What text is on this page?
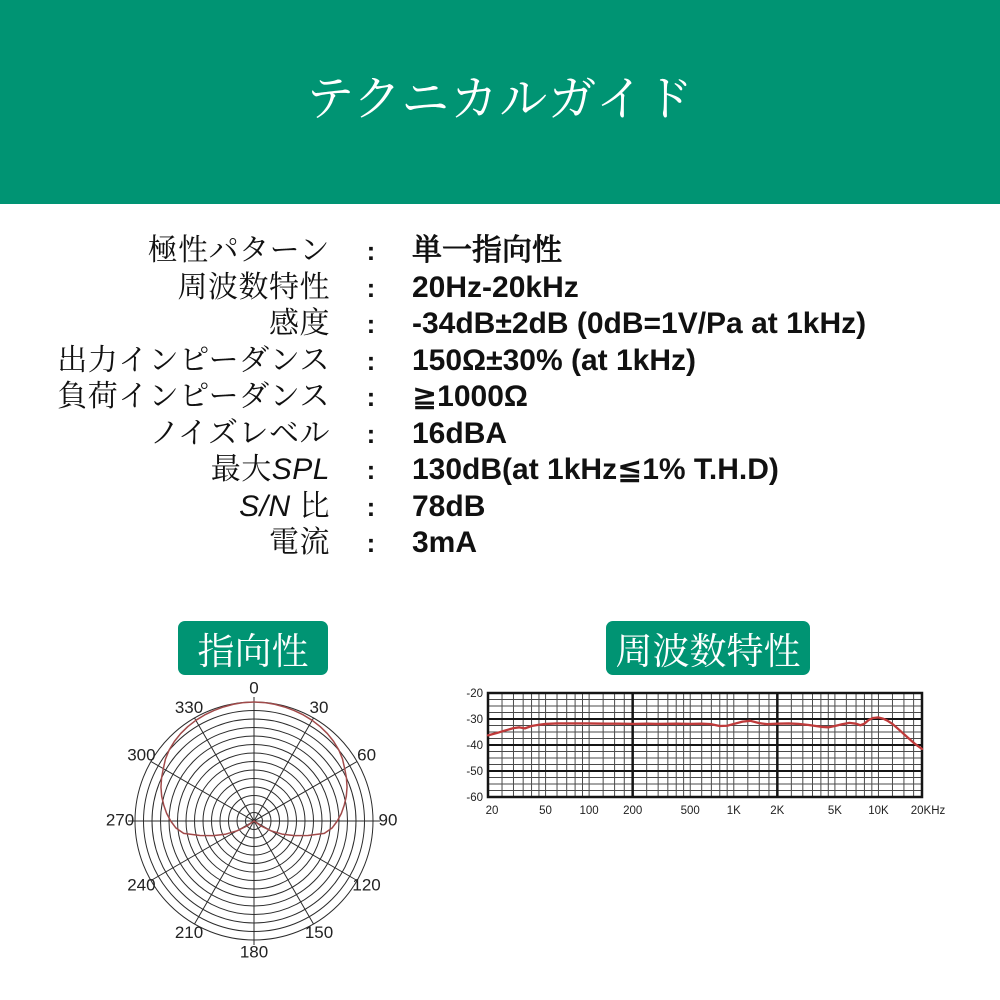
テクニカルガイド
極性パターン	:	単一指向性
周波数特性	:	20Hz-20kHz
感度	:	-34dB±2dB (0dB=1V/Pa at 1kHz)
出力インピーダンス	:	150Ω±30% (at 1kHz)
負荷インピーダンス	:	≧1000Ω
ノイズレベル	:	16dBA
最大SPL	:	130dB(at 1kHz≦1% T.H.D)
S/N 比	:	78dB
電流	:	3mA
指向性
0
30
60
90
120
150
180
210
240
270
300
330
周波数特性
-20
-30
-40
-50
-60
20	50 100 200	500 1K	2K	5K 10K 20KHz
